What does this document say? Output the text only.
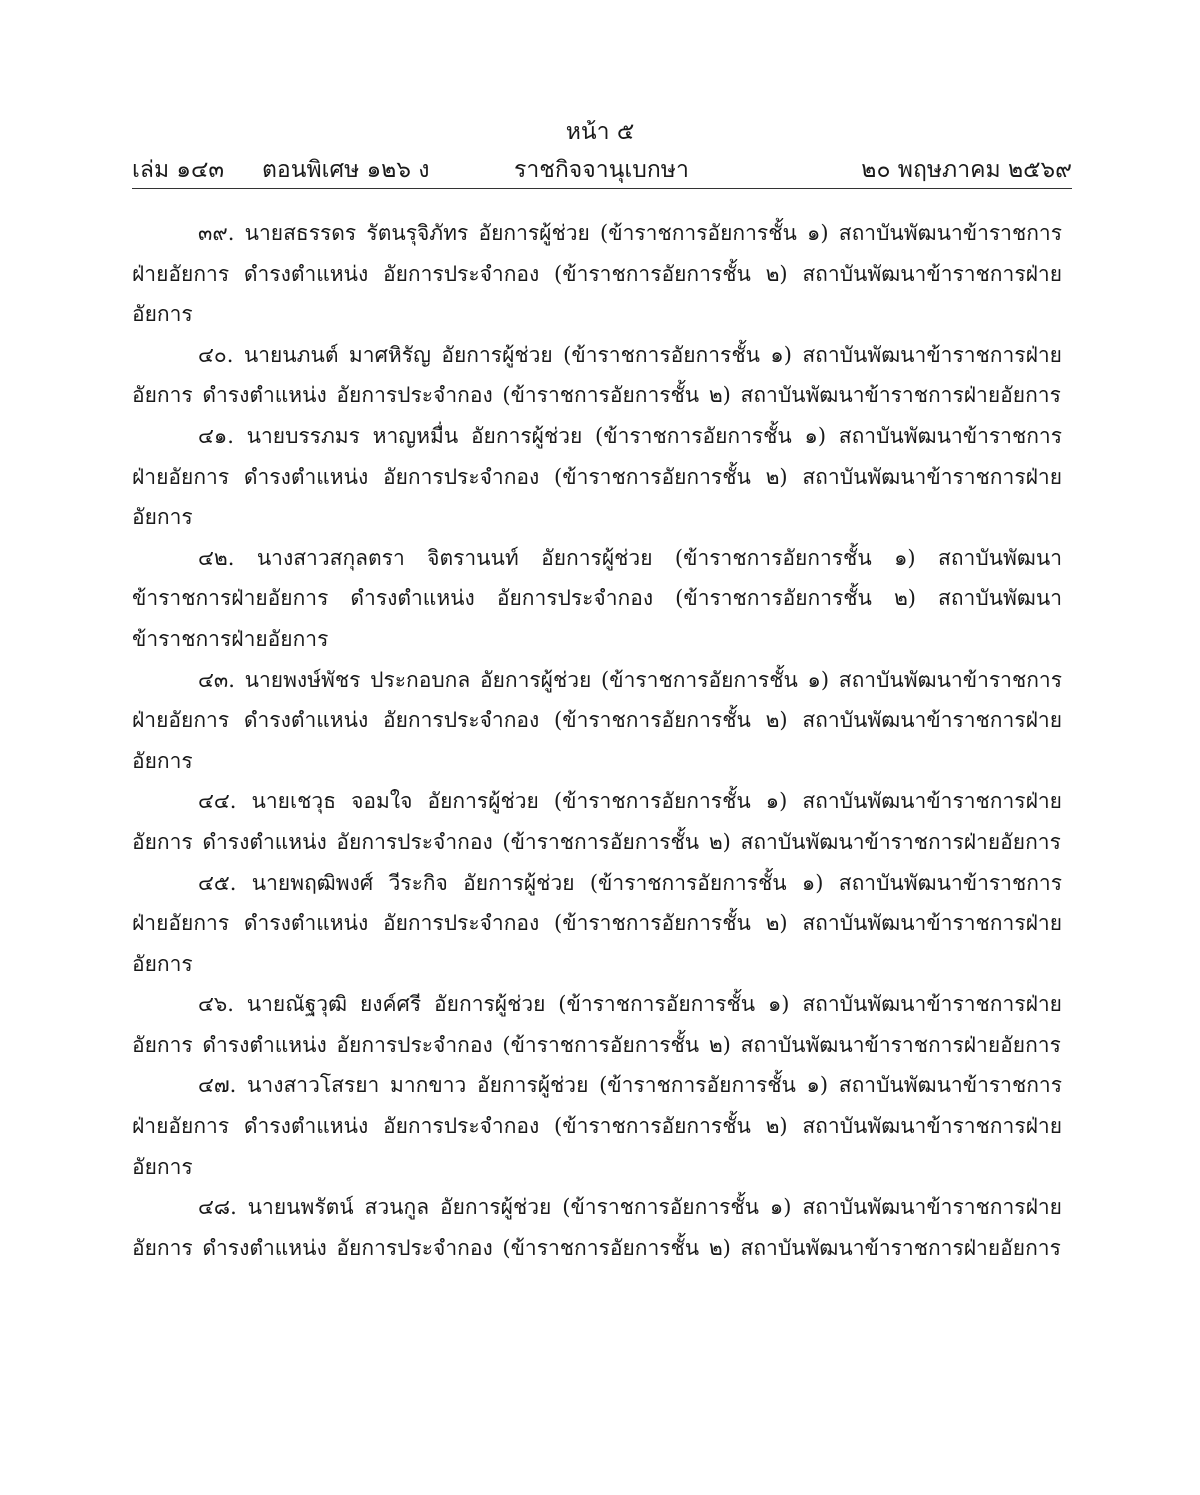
หน้า ๕
เล่ม ๑๔๓ ตอนพิเศษ ๑๒๖ ง	ราชกิจจานุเบกษา	๒๐ พฤษภาคม ๒๕๖๙

๓๙. นายสธรรดร รัตนรุจิภัทร อัยการผู้ช่วย (ข้าราชการอัยการชั้น ๑) สถาบันพัฒนาข้าราชการฝ่ายอัยการ ดำรงตำแหน่ง อัยการประจำกอง (ข้าราชการอัยการชั้น ๒) สถาบันพัฒนาข้าราชการฝ่ายอัยการ

๔๐. นายนภนต์ มาศหิรัญ อัยการผู้ช่วย (ข้าราชการอัยการชั้น ๑) สถาบันพัฒนาข้าราชการฝ่ายอัยการ ดำรงตำแหน่ง อัยการประจำกอง (ข้าราชการอัยการชั้น ๒) สถาบันพัฒนาข้าราชการฝ่ายอัยการ

๔๑. นายบรรภมร หาญหมื่น อัยการผู้ช่วย (ข้าราชการอัยการชั้น ๑) สถาบันพัฒนาข้าราชการฝ่ายอัยการ ดำรงตำแหน่ง อัยการประจำกอง (ข้าราชการอัยการชั้น ๒) สถาบันพัฒนาข้าราชการฝ่ายอัยการ

๔๒. นางสาวสกุลตรา จิตรานนท์ อัยการผู้ช่วย (ข้าราชการอัยการชั้น ๑) สถาบันพัฒนาข้าราชการฝ่ายอัยการ ดำรงตำแหน่ง อัยการประจำกอง (ข้าราชการอัยการชั้น ๒) สถาบันพัฒนาข้าราชการฝ่ายอัยการ

๔๓. นายพงษ์พัชร ประกอบกล อัยการผู้ช่วย (ข้าราชการอัยการชั้น ๑) สถาบันพัฒนาข้าราชการฝ่ายอัยการ ดำรงตำแหน่ง อัยการประจำกอง (ข้าราชการอัยการชั้น ๒) สถาบันพัฒนาข้าราชการฝ่ายอัยการ

๔๔. นายเชวุธ จอมใจ อัยการผู้ช่วย (ข้าราชการอัยการชั้น ๑) สถาบันพัฒนาข้าราชการฝ่ายอัยการ ดำรงตำแหน่ง อัยการประจำกอง (ข้าราชการอัยการชั้น ๒) สถาบันพัฒนาข้าราชการฝ่ายอัยการ

๔๕. นายพฤฒิพงศ์ วีระกิจ อัยการผู้ช่วย (ข้าราชการอัยการชั้น ๑) สถาบันพัฒนาข้าราชการฝ่ายอัยการ ดำรงตำแหน่ง อัยการประจำกอง (ข้าราชการอัยการชั้น ๒) สถาบันพัฒนาข้าราชการฝ่ายอัยการ

๔๖. นายณัฐวุฒิ ยงค์ศรี อัยการผู้ช่วย (ข้าราชการอัยการชั้น ๑) สถาบันพัฒนาข้าราชการฝ่ายอัยการ ดำรงตำแหน่ง อัยการประจำกอง (ข้าราชการอัยการชั้น ๒) สถาบันพัฒนาข้าราชการฝ่ายอัยการ

๔๗. นางสาวโสรยา มากขาว อัยการผู้ช่วย (ข้าราชการอัยการชั้น ๑) สถาบันพัฒนาข้าราชการฝ่ายอัยการ ดำรงตำแหน่ง อัยการประจำกอง (ข้าราชการอัยการชั้น ๒) สถาบันพัฒนาข้าราชการฝ่ายอัยการ

๔๘. นายนพรัตน์ สวนกูล อัยการผู้ช่วย (ข้าราชการอัยการชั้น ๑) สถาบันพัฒนาข้าราชการฝ่ายอัยการ ดำรงตำแหน่ง อัยการประจำกอง (ข้าราชการอัยการชั้น ๒) สถาบันพัฒนาข้าราชการฝ่ายอัยการ
